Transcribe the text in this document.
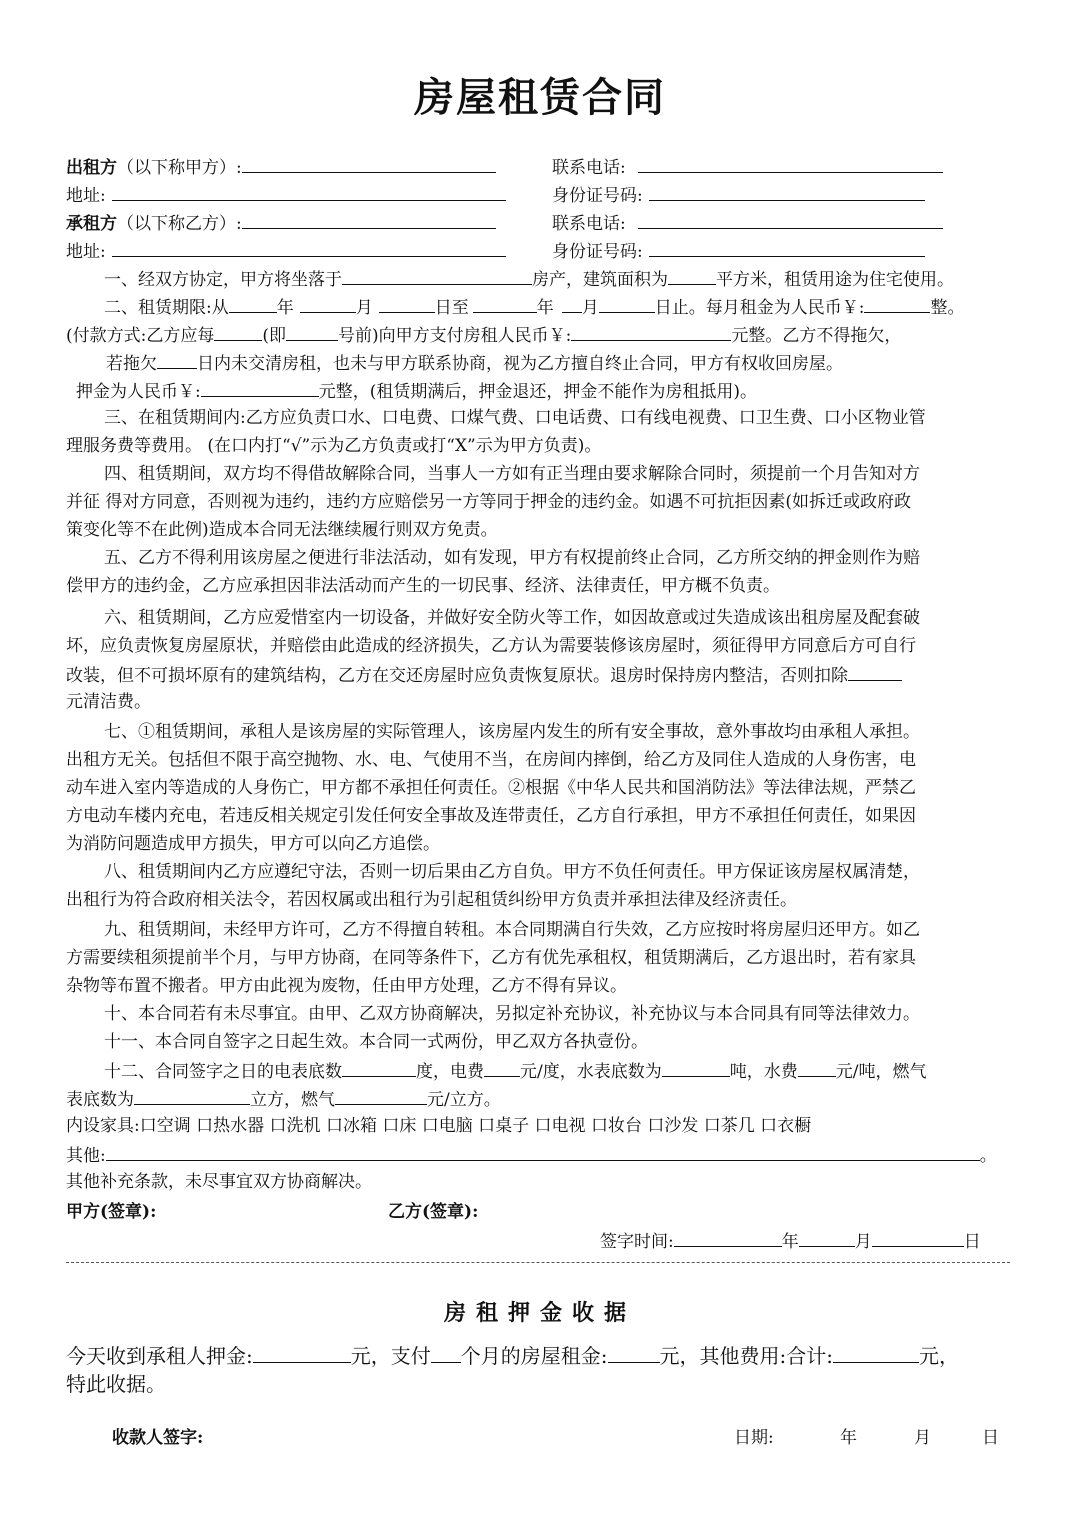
房屋租赁合同
出租方（以下称甲方）:	联系电话:
地址:	身份证号码:
承租方（以下称乙方）:	联系电话:
地址:	身份证号码:
一、经双方协定，甲方将坐落于	房产，建筑面积为	平方米，租赁用途为住宅使用。
二、租赁期限:从	年	月	日至	年 月	日止。每月租金为人民币￥:	整。
(付款方式:乙方应每	(即	号前)向甲方支付房租人民币￥:	元整。乙方不得拖欠，
若拖欠 日内未交清房租，也未与甲方联系协商，视为乙方擅自终止合同，甲方有权收回房屋。
押金为人民币￥:	元整，(租赁期满后，押金退还，押金不能作为房租抵用)。
三、在租赁期间内:乙方应负责口水、口电费、口煤气费、口电话费、口有线电视费、口卫生费、口小区物业管
理服务费等费用。 (在口内打“√”示为乙方负责或打“X”示为甲方负责)。
四、租赁期间，双方均不得借故解除合同，当事人一方如有正当理由要求解除合同时，须提前一个月告知对方
并征 得对方同意，否则视为违约，违约方应赔偿另一方等同于押金的违约金。如遇不可抗拒因素(如拆迁或政府政
策变化等不在此例)造成本合同无法继续履行则双方免责。
五、乙方不得利用该房屋之便进行非法活动，如有发现，甲方有权提前终止合同，乙方所交纳的押金则作为赔
偿甲方的违约金，乙方应承担因非法活动而产生的一切民事、经济、法律责任，甲方概不负责。
六、租赁期间，乙方应爱惜室内一切设备，并做好安全防火等工作，如因故意或过失造成该出租房屋及配套破
坏，应负责恢复房屋原状，并赔偿由此造成的经济损失，乙方认为需要装修该房屋时，须征得甲方同意后方可自行
改装，但不可损坏原有的建筑结构，乙方在交还房屋时应负责恢复原状。退房时保持房内整洁，否则扣除
元清洁费。
七、①租赁期间，承租人是该房屋的实际管理人，该房屋内发生的所有安全事故，意外事故均由承租人承担。
出租方无关。包括但不限于高空抛物、水、电、气使用不当，在房间内摔倒，给乙方及同住人造成的人身伤害，电
动车进入室内等造成的人身伤亡，甲方都不承担任何责任。②根据《中华人民共和国消防法》等法律法规，严禁乙
方电动车楼内充电，若违反相关规定引发任何安全事故及连带责任，乙方自行承担，甲方不承担任何责任，如果因
为消防问题造成甲方损失，甲方可以向乙方追偿。
八、租赁期间内乙方应遵纪守法，否则一切后果由乙方自负。甲方不负任何责任。甲方保证该房屋权属清楚，
出租行为符合政府相关法令，若因权属或出租行为引起租赁纠纷甲方负责并承担法律及经济责任。
九、租赁期间，未经甲方许可，乙方不得擅自转租。本合同期满自行失效，乙方应按时将房屋归还甲方。如乙
方需要续租须提前半个月，与甲方协商，在同等条件下，乙方有优先承租权，租赁期满后，乙方退出时，若有家具
杂物等布置不搬者。甲方由此视为废物，任由甲方处理，乙方不得有异议。
十、本合同若有未尽事宜。由甲、乙双方协商解决，另拟定补充协议，补充协议与本合同具有同等法律效力。
十一、本合同自签字之日起生效。本合同一式两份，甲乙双方各执壹份。
十二、合同签字之日的电表底数	度，电费 元/度，水表底数为	吨，水费 元/吨，燃气
表底数为	立方，燃气	元/立方。
内设家具:口空调 口热水器 口洗机 口冰箱 口床 口电脑 口桌子 口电视 口妆台 口沙发 口茶几 口衣橱
其他:	。
其他补充条款，未尽事宜双方协商解决。
甲方(签章):	乙方(签章):
签字时间:	年	月	日
房租押金收据
今天收到承租人押金:	元，支付 个月的房屋租金:	元，其他费用:合计:	元，
特此收据。
收款人签字:	日期:	年	月	日
